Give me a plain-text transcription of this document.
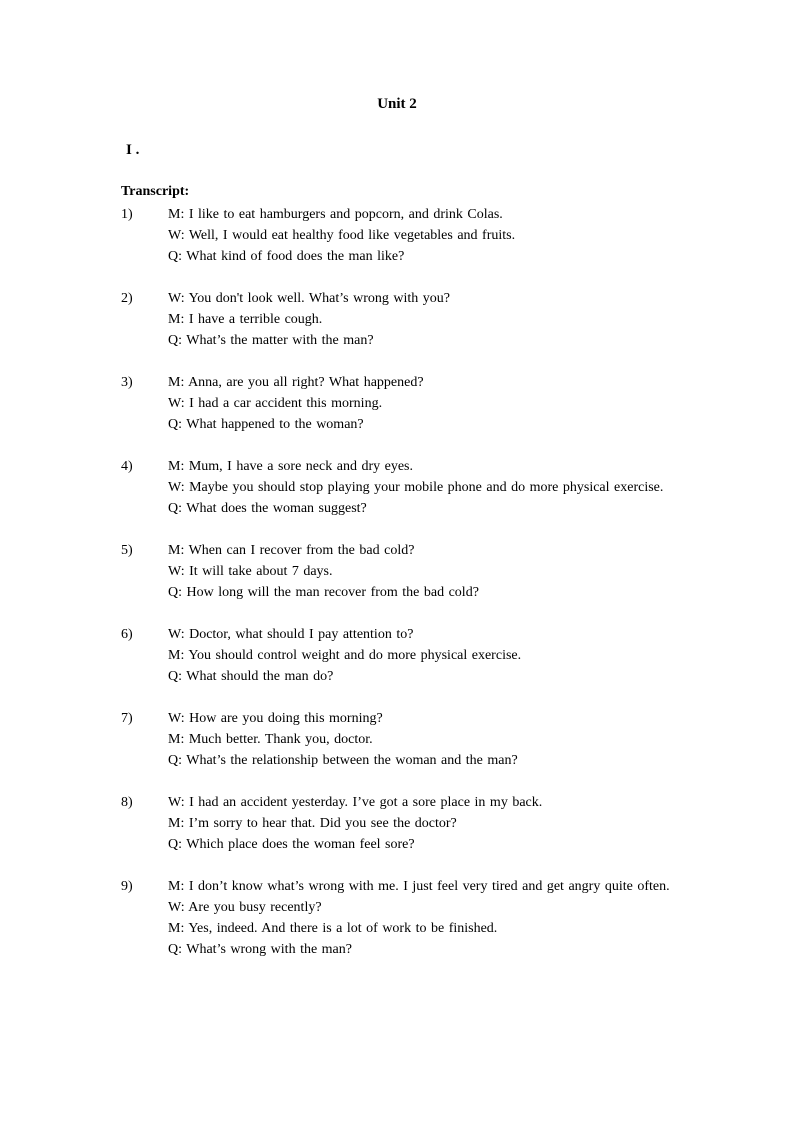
Unit 2
I .
Transcript:
1)	M: I like to eat hamburgers and popcorn, and drink Colas.
W: Well, I would eat healthy food like vegetables and fruits.
Q: What kind of food does the man like?
2)	W: You don't look well. What’s wrong with you?
M: I have a terrible cough.
Q: What’s the matter with the man?
3)	M: Anna, are you all right? What happened?
W: I had a car accident this morning.
Q: What happened to the woman?
4)	M: Mum, I have a sore neck and dry eyes.
W: Maybe you should stop playing your mobile phone and do more physical exercise.
Q: What does the woman suggest?
5)	M: When can I recover from the bad cold?
W: It will take about 7 days.
Q: How long will the man recover from the bad cold?
6)	W: Doctor, what should I pay attention to?
M: You should control weight and do more physical exercise.
Q: What should the man do?
7)	W: How are you doing this morning?
M: Much better. Thank you, doctor.
Q: What’s the relationship between the woman and the man?
8)	W: I had an accident yesterday. I’ve got a sore place in my back.
M: I’m sorry to hear that. Did you see the doctor?
Q: Which place does the woman feel sore?
9)	M: I don’t know what’s wrong with me. I just feel very tired and get angry quite often.
W: Are you busy recently?
M: Yes, indeed. And there is a lot of work to be finished.
Q: What’s wrong with the man?
